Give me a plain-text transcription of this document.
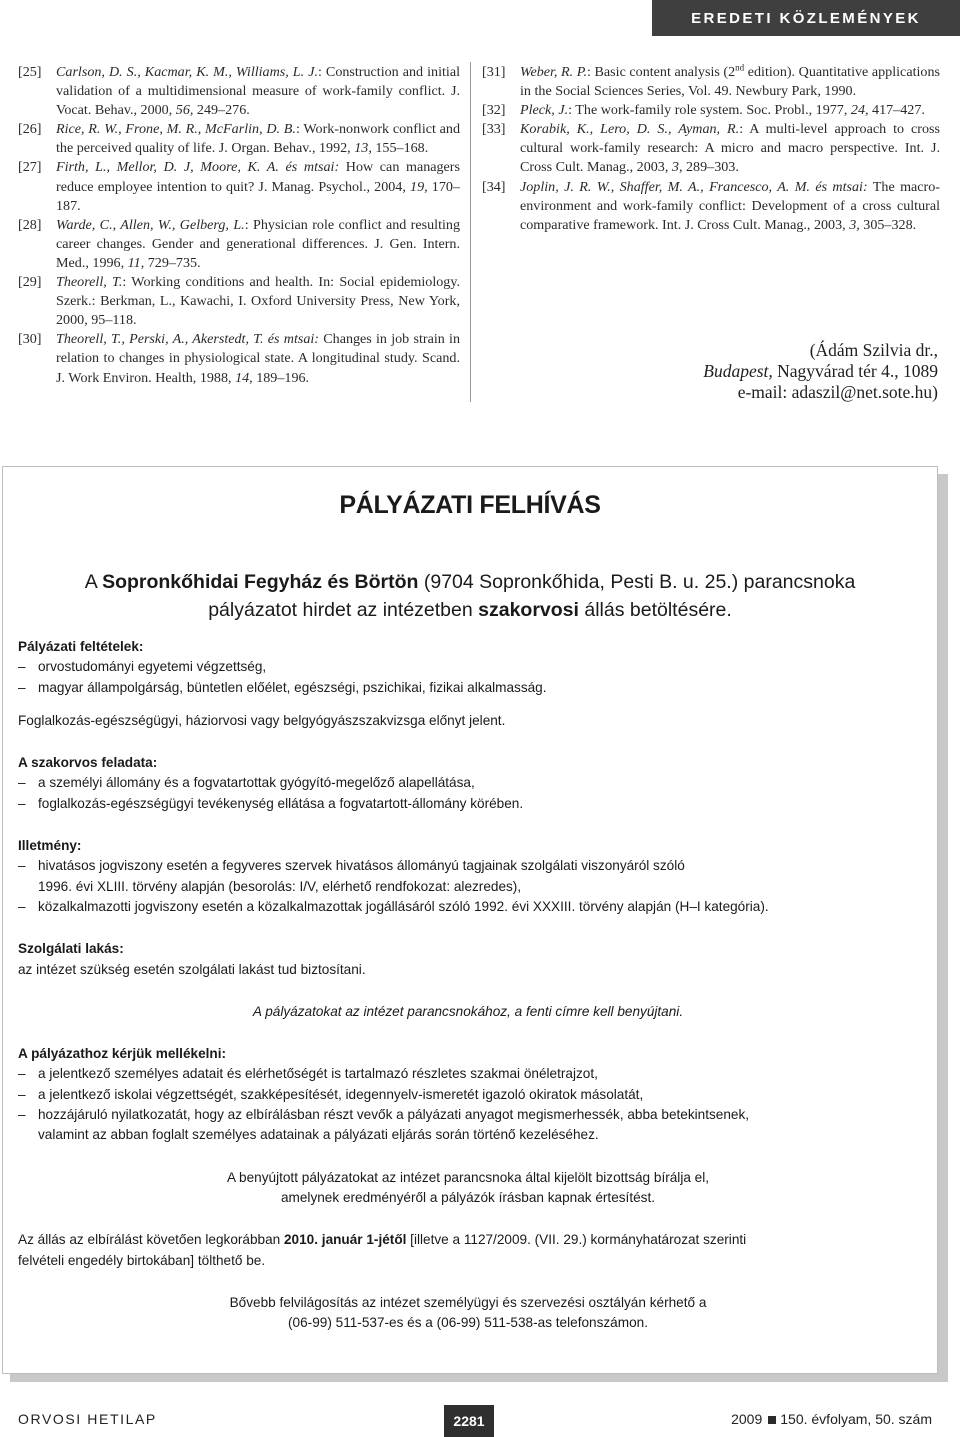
EREDETI KÖZLEMÉNYEK
[25] Carlson, D. S., Kacmar, K. M., Williams, L. J.: Construction and initial validation of a multidimensional measure of work-family conflict. J. Vocat. Behav., 2000, 56, 249–276.
[26] Rice, R. W., Frone, M. R., McFarlin, D. B.: Work-nonwork conflict and the perceived quality of life. J. Organ. Behav., 1992, 13, 155–168.
[27] Firth, L., Mellor, D. J, Moore, K. A. és mtsai: How can managers reduce employee intention to quit? J. Manag. Psychol., 2004, 19, 170–187.
[28] Warde, C., Allen, W., Gelberg, L.: Physician role conflict and resulting career changes. Gender and generational differences. J. Gen. Intern. Med., 1996, 11, 729–735.
[29] Theorell, T.: Working conditions and health. In: Social epidemiology. Szerk.: Berkman, L., Kawachi, I. Oxford University Press, New York, 2000, 95–118.
[30] Theorell, T., Perski, A., Akerstedt, T. és mtsai: Changes in job strain in relation to changes in physiological state. A longitudinal study. Scand. J. Work Environ. Health, 1988, 14, 189–196.
[31] Weber, R. P.: Basic content analysis (2nd edition). Quantitative applications in the Social Sciences Series, Vol. 49. Newbury Park, 1990.
[32] Pleck, J.: The work-family role system. Soc. Probl., 1977, 24, 417–427.
[33] Korabik, K., Lero, D. S., Ayman, R.: A multi-level approach to cross cultural work-family research: A micro and macro perspective. Int. J. Cross Cult. Manag., 2003, 3, 289–303.
[34] Joplin, J. R. W., Shaffer, M. A., Francesco, A. M. és mtsai: The macro-environment and work-family conflict: Development of a cross cultural comparative framework. Int. J. Cross Cult. Manag., 2003, 3, 305–328.
(Ádám Szilvia dr.,
Budapest, Nagyvárad tér 4., 1089
e-mail: adaszil@net.sote.hu)
PÁLYÁZATI FELHÍVÁS
A Sopronkőhidai Fegyház és Börtön (9704 Sopronkőhida, Pesti B. u. 25.) parancsnoka
pályázatot hirdet az intézetben szakorvosi állás betöltésére.
Pályázati feltételek:
– orvostudományi egyetemi végzettség,
– magyar állampolgárság, büntetlen előélet, egészségi, pszichikai, fizikai alkalmasság.
Foglalkozás-egészségügyi, háziorvosi vagy belgyógyászszakvizsga előnyt jelent.
A szakorvos feladata:
– a személyi állomány és a fogvatartottak gyógyító-megelőző alapellátása,
– foglalkozás-egészségügyi tevékenység ellátása a fogvatartott-állomány körében.
Illetmény:
– hivatásos jogviszony esetén a fegyveres szervek hivatásos állományú tagjainak szolgálati viszonyáról szóló
1996. évi XLIII. törvény alapján (besorolás: I/V, elérhető rendfokozat: alezredes),
– közalkalmazotti jogviszony esetén a közalkalmazottak jogállásáról szóló 1992. évi XXXIII. törvény alapján (H–I kategória).
Szolgálati lakás:
az intézet szükség esetén szolgálati lakást tud biztosítani.
A pályázatokat az intézet parancsnokához, a fenti címre kell benyújtani.
A pályázathoz kérjük mellékelni:
– a jelentkező személyes adatait és elérhetőségét is tartalmazó részletes szakmai önéletrajzot,
– a jelentkező iskolai végzettségét, szakképesítését, idegennyelv-ismeretét igazoló okiratok másolatát,
– hozzájáruló nyilatkozatát, hogy az elbírálásban részt vevők a pályázati anyagot megismerhessék, abba betekintsenek,
valamint az abban foglalt személyes adatainak a pályázati eljárás során történő kezeléséhez.
A benyújtott pályázatokat az intézet parancsnoka által kijelölt bizottság bírálja el,
amelynek eredményéről a pályázók írásban kapnak értesítést.
Az állás az elbírálást követően legkorábban 2010. január 1-jétől [illetve a 1127/2009. (VII. 29.) kormányhatározat szerinti
felvételi engedély birtokában] tölthető be.
Bővebb felvilágosítás az intézet személyügyi és szervezési osztályán kérhető a
(06-99) 511-537-es és a (06-99) 511-538-as telefonszámon.
ORVOSI HETILAP	2281	2009 150. évfolyam, 50. szám
